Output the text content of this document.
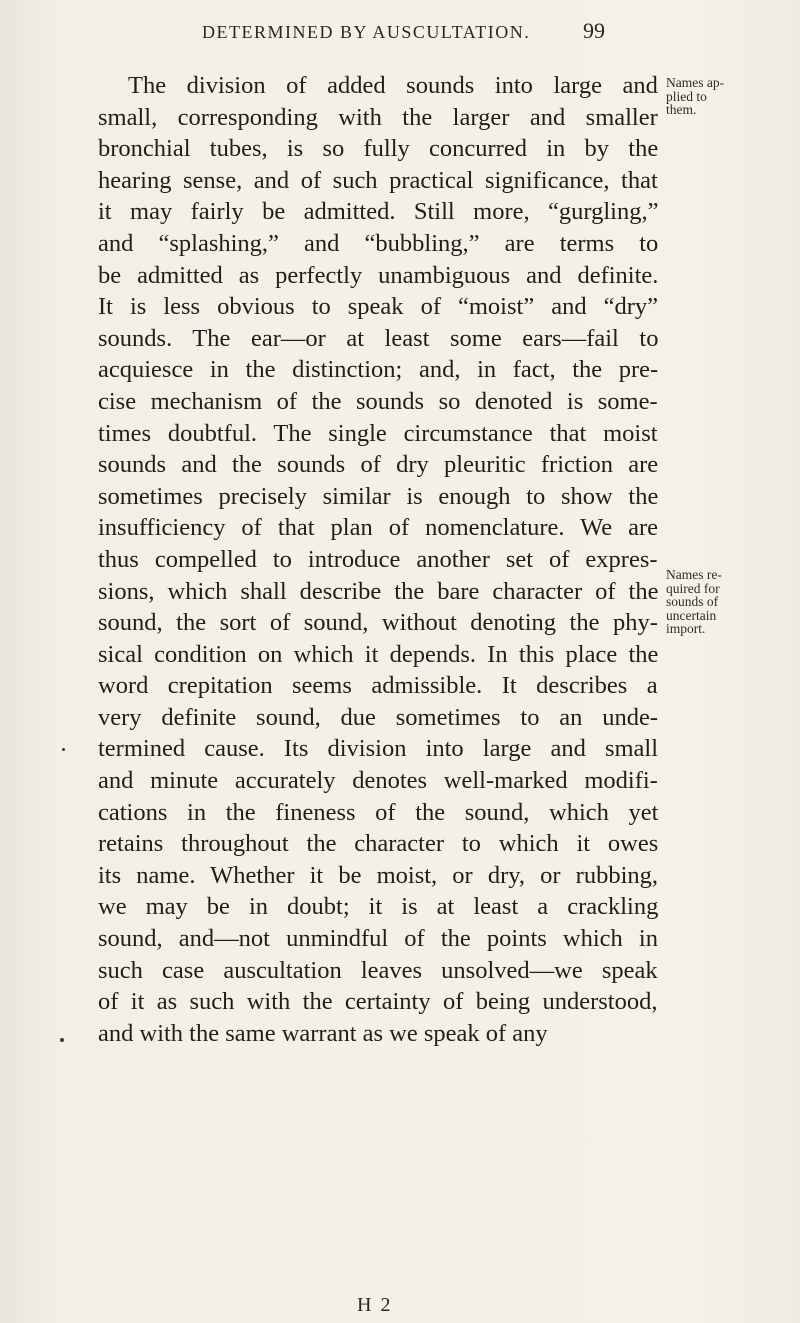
DETERMINED BY AUSCULTATION. 99
The division of added sounds into large and
small, corresponding with the larger and smaller
bronchial tubes, is so fully concurred in by the
hearing sense, and of such practical significance, that
it may fairly be admitted. Still more, “gurgling,”
and “splashing,” and “bubbling,” are terms to
be admitted as perfectly unambiguous and definite.
It is less obvious to speak of “moist” and “dry”
sounds. The ear—or at least some ears—fail to
acquiesce in the distinction; and, in fact, the pre-
cise mechanism of the sounds so denoted is some-
times doubtful. The single circumstance that moist
sounds and the sounds of dry pleuritic friction are
sometimes precisely similar is enough to show the
insufficiency of that plan of nomenclature. We are
thus compelled to introduce another set of expres-
sions, which shall describe the bare character of the
sound, the sort of sound, without denoting the phy-
sical condition on which it depends. In this place the
word crepitation seems admissible. It describes a
very definite sound, due sometimes to an unde-
termined cause. Its division into large and small
and minute accurately denotes well-marked modifi-
cations in the fineness of the sound, which yet
retains throughout the character to which it owes
its name. Whether it be moist, or dry, or rubbing,
we may be in doubt; it is at least a crackling
sound, and—not unmindful of the points which in
such case auscultation leaves unsolved—we speak
of it as such with the certainty of being understood,
and with the same warrant as we speak of any
Names ap-
plied to
them.
Names re-
quired for
sounds of
uncertain
import.
H 2
